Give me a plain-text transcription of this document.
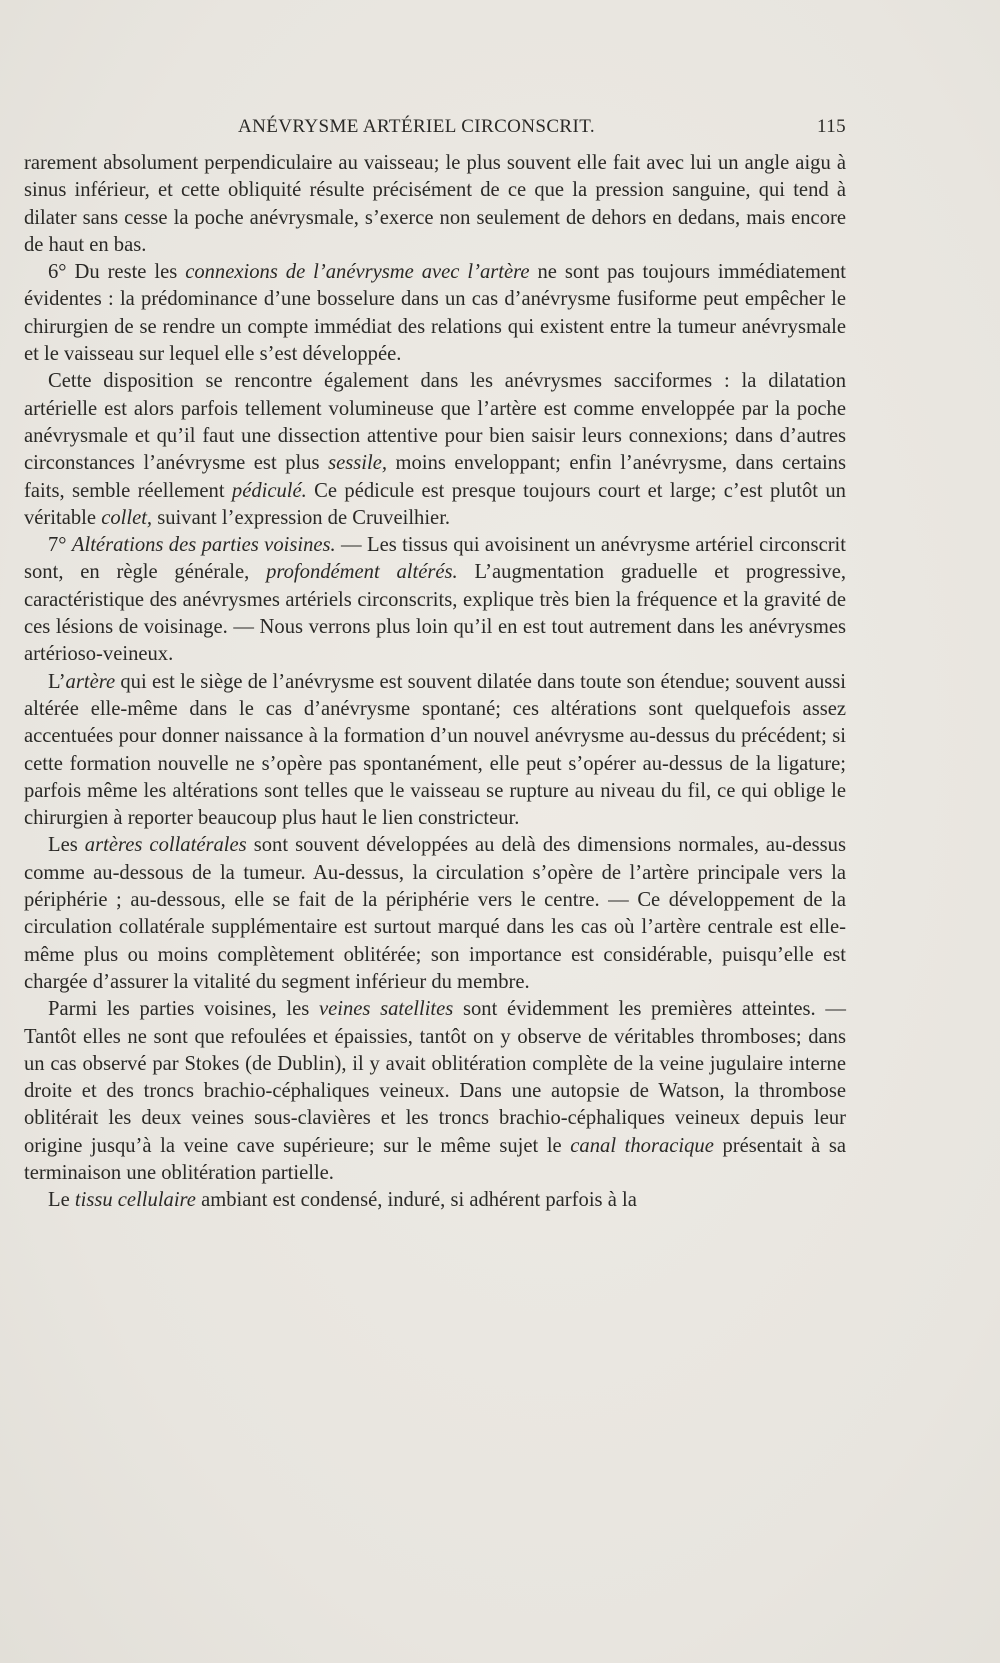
ANÉVRYSME ARTÉRIEL CIRCONSCRIT.	115

rarement absolument perpendiculaire au vaisseau; le plus souvent elle fait avec lui un angle aigu à sinus inférieur, et cette obliquité résulte précisément de ce que la pression sanguine, qui tend à dilater sans cesse la poche anévrysmale, s’exerce non seulement de dehors en dedans, mais encore de haut en bas.

6° Du reste les connexions de l’anévrysme avec l’artère ne sont pas toujours immédiatement évidentes : la prédominance d’une bosselure dans un cas d’anévrysme fusiforme peut empêcher le chirurgien de se rendre un compte immédiat des relations qui existent entre la tumeur anévrysmale et le vaisseau sur lequel elle s’est développée.

Cette disposition se rencontre également dans les anévrysmes sacciformes : la dilatation artérielle est alors parfois tellement volumineuse que l’artère est comme enveloppée par la poche anévrysmale et qu’il faut une dissection attentive pour bien saisir leurs connexions; dans d’autres circonstances l’anévrysme est plus sessile, moins enveloppant; enfin l’anévrysme, dans certains faits, semble réellement pédiculé. Ce pédicule est presque toujours court et large; c’est plutôt un véritable collet, suivant l’expression de Cruveilhier.

7° Altérations des parties voisines. — Les tissus qui avoisinent un anévrysme artériel circonscrit sont, en règle générale, profondément altérés. L’augmentation graduelle et progressive, caractéristique des anévrysmes artériels circonscrits, explique très bien la fréquence et la gravité de ces lésions de voisinage. — Nous verrons plus loin qu’il en est tout autrement dans les anévrysmes artérioso-veineux.

L’artère qui est le siège de l’anévrysme est souvent dilatée dans toute son étendue; souvent aussi altérée elle-même dans le cas d’anévrysme spontané; ces altérations sont quelquefois assez accentuées pour donner naissance à la formation d’un nouvel anévrysme au-dessus du précédent; si cette formation nouvelle ne s’opère pas spontanément, elle peut s’opérer au-dessus de la ligature; parfois même les altérations sont telles que le vaisseau se rupture au niveau du fil, ce qui oblige le chirurgien à reporter beaucoup plus haut le lien constricteur.

Les artères collatérales sont souvent développées au delà des dimensions normales, au-dessus comme au-dessous de la tumeur. Au-dessus, la circulation s’opère de l’artère principale vers la périphérie ; au-dessous, elle se fait de la périphérie vers le centre. — Ce développement de la circulation collatérale supplémentaire est surtout marqué dans les cas où l’artère centrale est elle-même plus ou moins complètement oblitérée; son importance est considérable, puisqu’elle est chargée d’assurer la vitalité du segment inférieur du membre.

Parmi les parties voisines, les veines satellites sont évidemment les premières atteintes. — Tantôt elles ne sont que refoulées et épaissies, tantôt on y observe de véritables thromboses; dans un cas observé par Stokes (de Dublin), il y avait oblitération complète de la veine jugulaire interne droite et des troncs brachio-céphaliques veineux. Dans une autopsie de Watson, la thrombose oblitérait les deux veines sous-clavières et les troncs brachio-céphaliques veineux depuis leur origine jusqu’à la veine cave supérieure; sur le même sujet le canal thoracique présentait à sa terminaison une oblitération partielle.

Le tissu cellulaire ambiant est condensé, induré, si adhérent parfois à la
